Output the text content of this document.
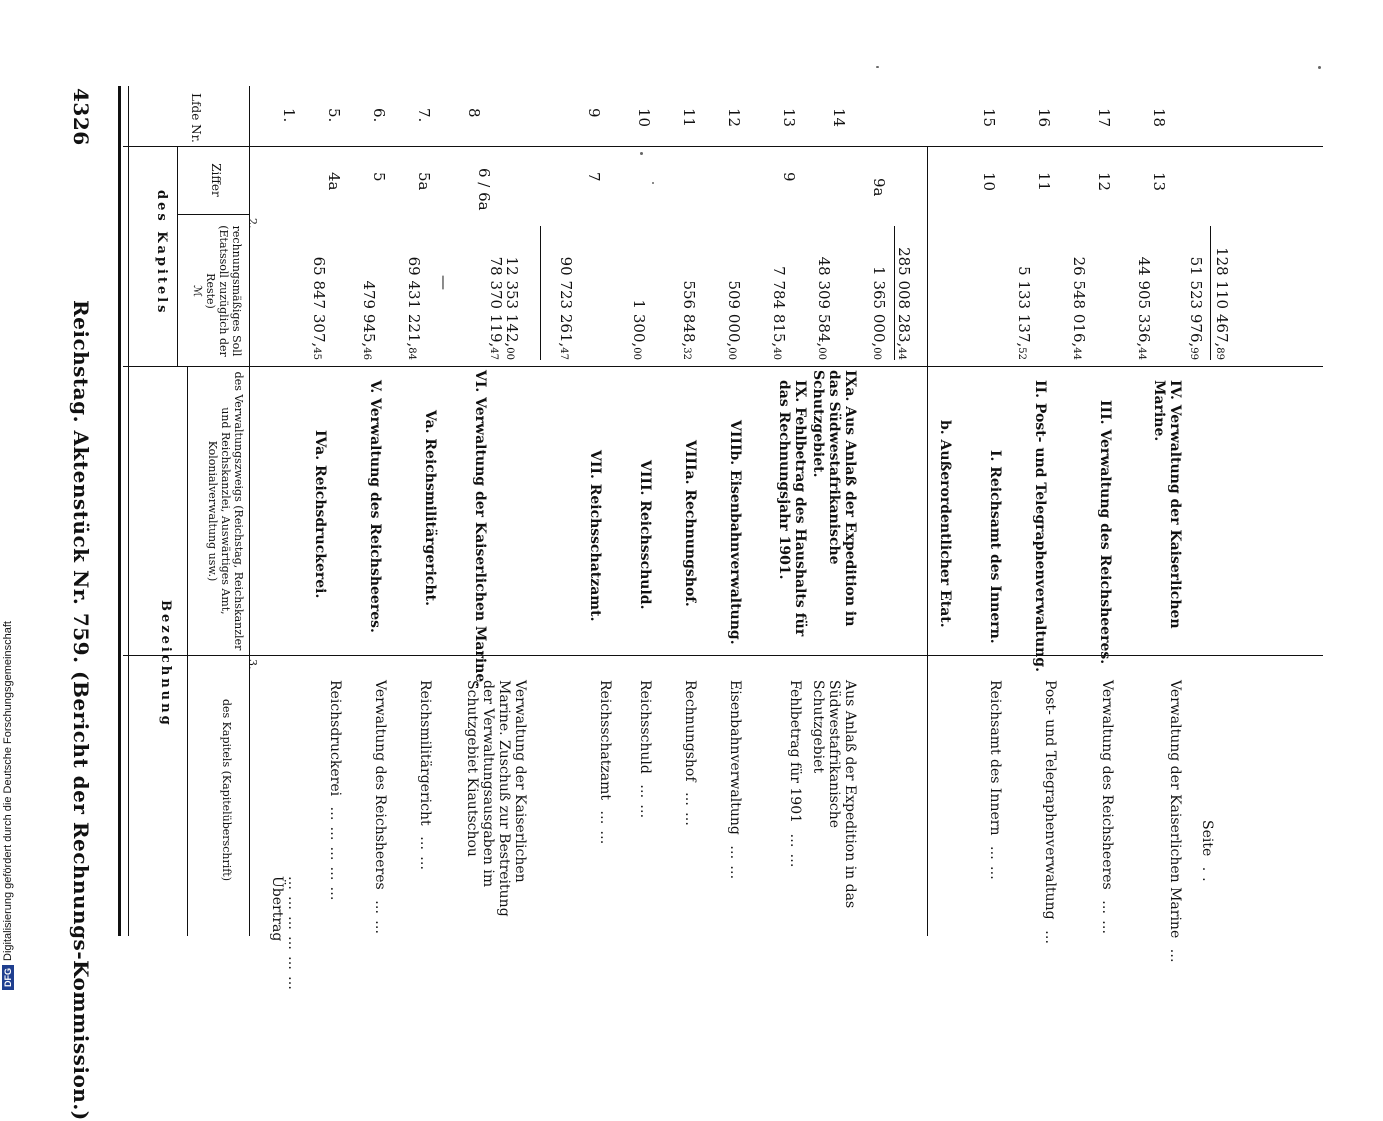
DFGDigitalisierung gefördert durch die Deutsche Forschungsgemeinschaft
4326
Reichstag. Aktenstück Nr. 759. (Bericht der Rechnungs-Kommission.)
Lfde Nr.
des Kapitels
Ziffer
rechnungsmäßiges Soll (Etatssoll zuzüglich der Reste)
ℳ
Bezeichnung
des Verwaltungszweigs (Reichstag, Reichskanzler und Reichskanzlei, Auswärtiges Amt, Kolonialverwaltung usw.)
des Kapitels (Kapitelüberschrift)
2.
3.
1.
65 847 307,45
………………Übertrag
5.
4a
479 945,46
IVa. Reichsdruckerei.
Reichsdruckerei ……………
6.
5
69 431 221,84
V. Verwaltung des Reichsheeres.
Verwaltung des Reichsheeres ……
7.
5a
—
Va. Reichsmilitärgericht.
Reichsmilitärgericht ……
8
6 / 6a
78 370 119,47
12 353 142,00
VI. Verwaltung der Kaiserlichen Marine.
Verwaltung der Kaiserlichen Marine. Zuschuß zur Bestreitung der Verwaltungsausgaben im Schutzgebiet Kiautschou
90 723 261,47
9
7
1 300,00
VII. Reichsschatzamt.
Reichsschatzamt ……
10
556 848,32
VIII. Reichsschuld.
Reichsschuld ……
11
509 000,00
VIIIa. Rechnungshof.
Rechnungshof ……
12
7 784 815,40
VIIIb. Eisenbahnverwaltung.
Eisenbahnverwaltung ……
13
9
48 309 584,00
IX. Fehlbetrag des Haushalts für das Rechnungsjahr 1901.
Fehlbetrag für 1901 ……
14
9a
1 365 000,00
285 008 283,44
IXa. Aus Anlaß der Expedition in das Südwestafrikanische Schutzgebiet.
Aus Anlaß der Expedition in das Südwestafrikanische Schutzgebiet
b. Außerordentlicher Etat.
15
10
5 133 137,52
I. Reichsamt des Innern.
Reichsamt des Innern ……
16
11
26 548 016,44
II. Post- und Telegraphenverwaltung.
Post- und Telegraphenverwaltung …
17
12
44 905 336,44
III. Verwaltung des Reichsheeres.
Verwaltung des Reichsheeres ……
18
13
51 523 976,99
128 110 467,89
IV. Verwaltung der Kaiserlichen Marine.
Verwaltung der Kaiserlichen Marine …
Seite ..
